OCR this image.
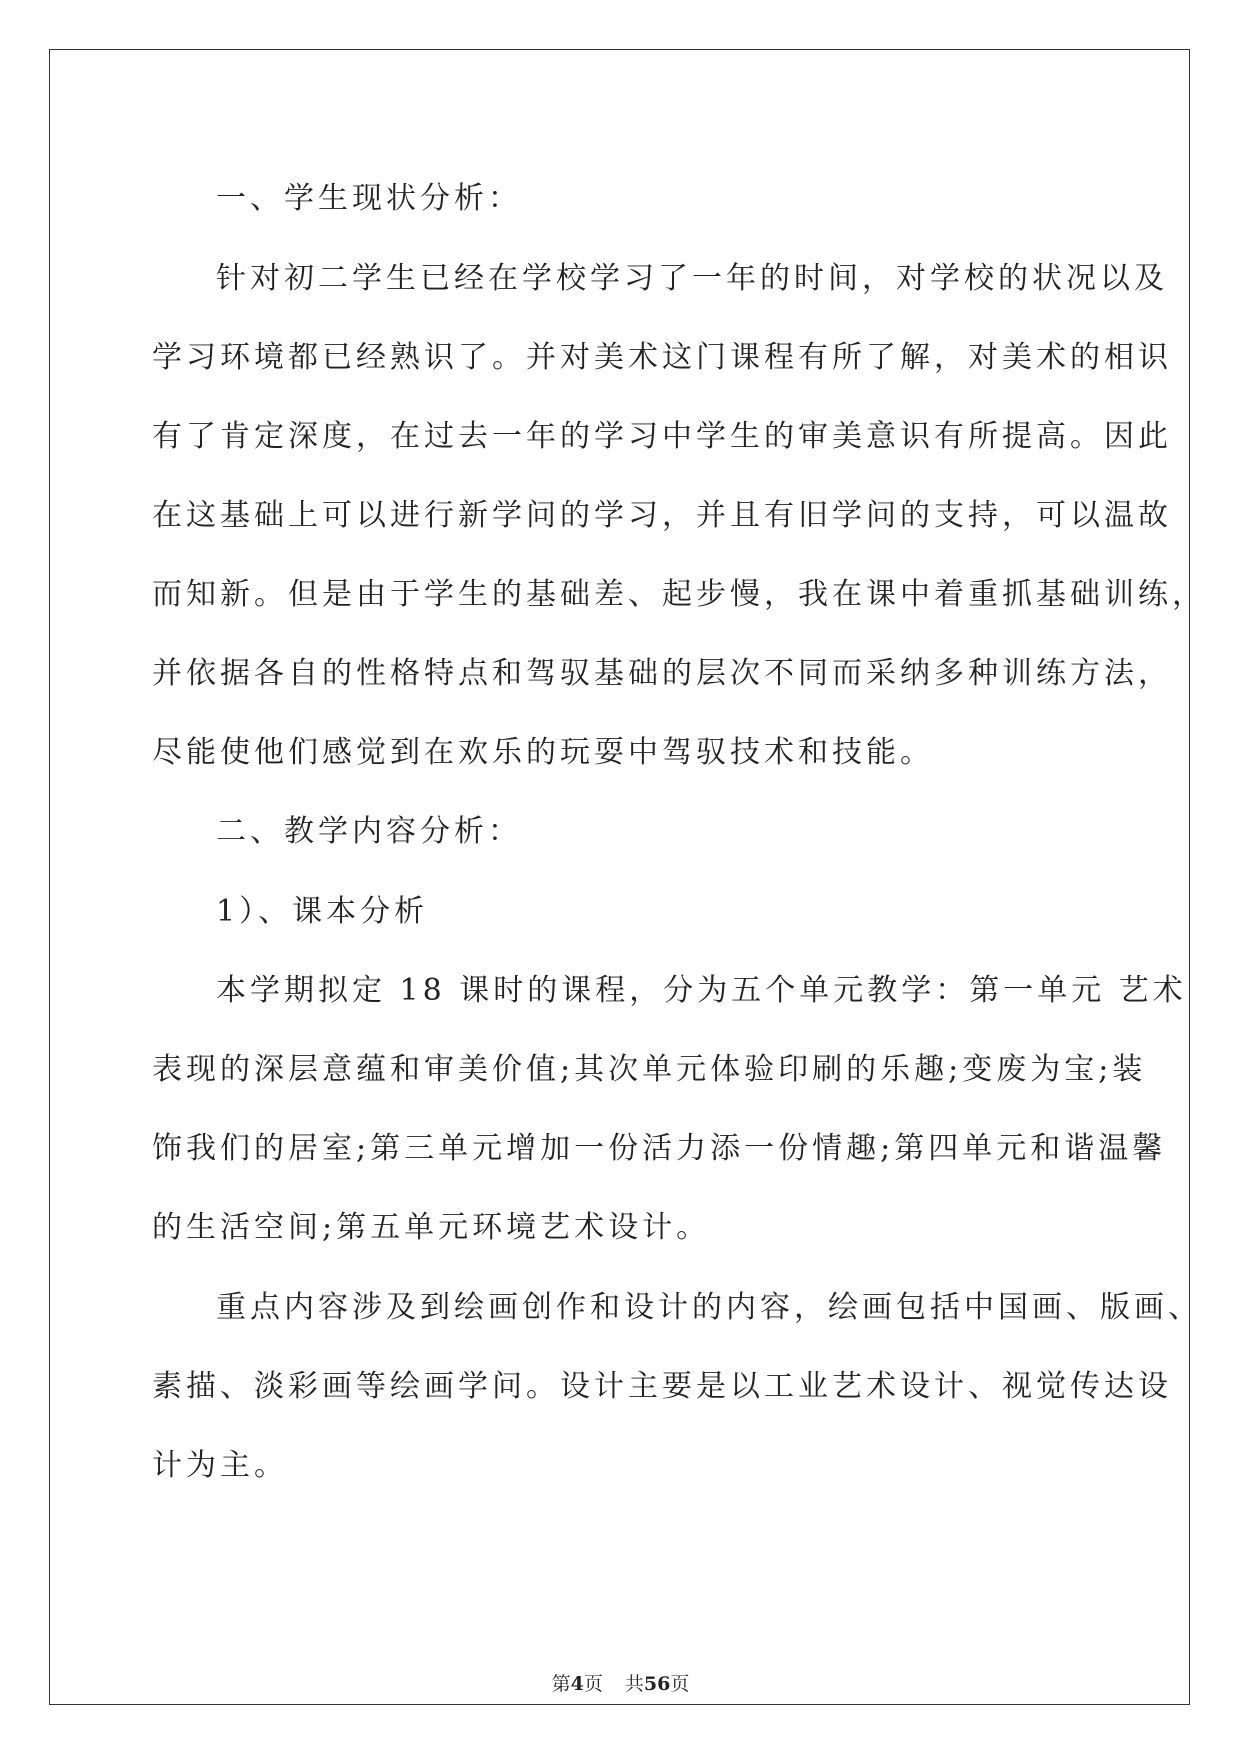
一、学生现状分析：
针对初二学生已经在学校学习了一年的时间，对学校的状况以及
学习环境都已经熟识了。并对美术这门课程有所了解，对美术的相识
有了肯定深度，在过去一年的学习中学生的审美意识有所提高。因此
在这基础上可以进行新学问的学习，并且有旧学问的支持，可以温故
而知新。但是由于学生的基础差、起步慢，我在课中着重抓基础训练，
并依据各自的性格特点和驾驭基础的层次不同而采纳多种训练方法，
尽能使他们感觉到在欢乐的玩耍中驾驭技术和技能。
二、教学内容分析：
1）、课本分析
本学期拟定 18 课时的课程，分为五个单元教学：第一单元 艺术
表现的深层意蕴和审美价值;其次单元体验印刷的乐趣;变废为宝;装
饰我们的居室;第三单元增加一份活力添一份情趣;第四单元和谐温馨
的生活空间;第五单元环境艺术设计。
重点内容涉及到绘画创作和设计的内容，绘画包括中国画、版画、
素描、淡彩画等绘画学问。设计主要是以工业艺术设计、视觉传达设
计为主。
第4页 共56页
